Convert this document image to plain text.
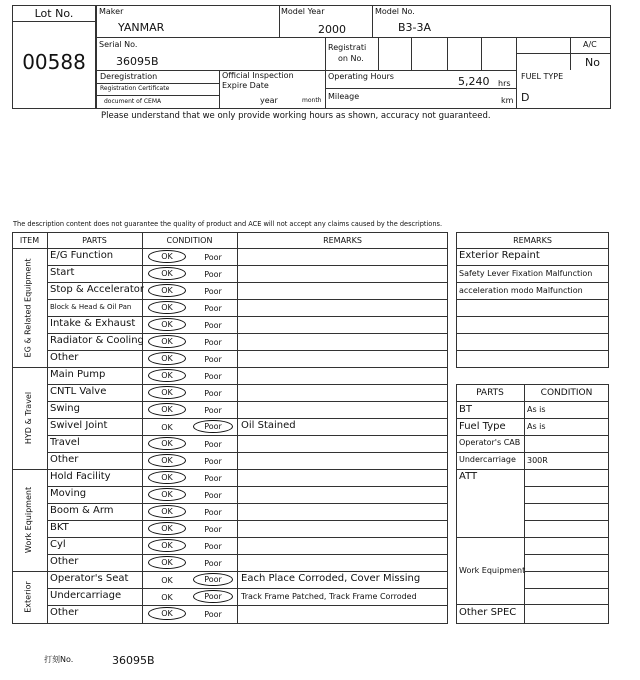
Lot No.
00588
Maker
YANMAR
Model Year
2000
Model No.
B3-3A
Serial No.
36095B
Registrati
on No.
A/C
No
Deregistration
Registration Certificate
document of CEMA
Official Inspection
Expire Date
year	month
Operating Hours	5,240 hrs
Mileage	km
FUEL TYPE
D
Please understand that we only provide working hours as shown, accuracy not guaranteed.
The description content does not guarantee the quality of product and ACE will not accept any claims caused by the descriptions.
ITEM	PARTS	CONDITION	REMARKS
EG & Related Equipment
E/G Function	OK	Poor
Start	OK	Poor
Stop & Accelerator	OK	Poor
Block & Head & Oil Pan	OK	Poor
Intake & Exhaust	OK	Poor
Radiator & Cooling	OK	Poor
Other	OK	Poor
HYD & Travel
Main Pump	OK	Poor
CNTL Valve	OK	Poor
Swing	OK	Poor
Swivel Joint	OK	Poor	Oil Stained
Travel	OK	Poor
Other	OK	Poor
Work Equipment
Hold Facility	OK	Poor
Moving	OK	Poor
Boom & Arm	OK	Poor
BKT	OK	Poor
Cyl	OK	Poor
Other	OK	Poor
Exterior
Operator's Seat	OK	Poor	Each Place Corroded, Cover Missing
Undercarriage	OK	Poor	Track Frame Patched, Track Frame Corroded
Other	OK	Poor
REMARKS
Exterior Repaint
Safety Lever Fixation Malfunction
acceleration modo Malfunction
PARTS	CONDITION
BT	As is
Fuel Type	As is
Operator's CAB
Undercarriage 300R
ATT
Work Equipment
Other SPEC
打刻No.	36095B
